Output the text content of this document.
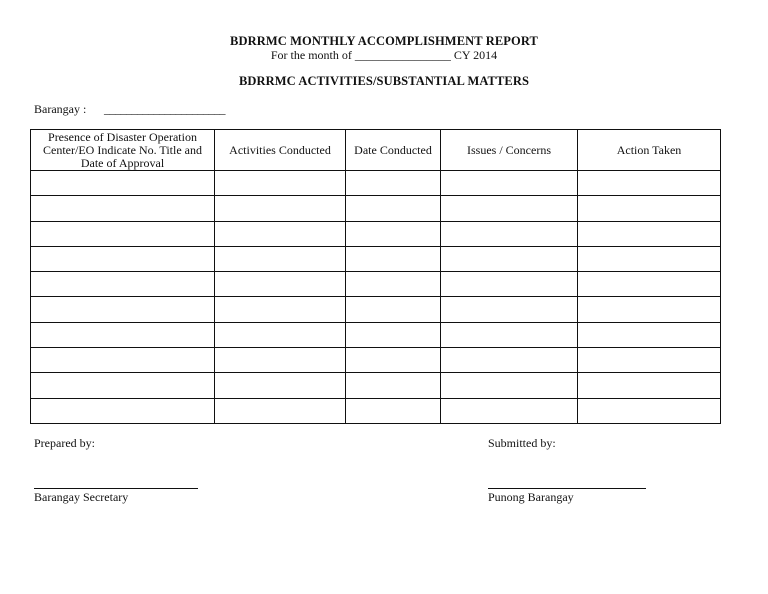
BDRRMC MONTHLY ACCOMPLISHMENT REPORT
For the month of ________________ CY 2014
BDRRMC ACTIVITIES/SUBSTANTIAL MATTERS
Barangay : ______________________
Presence of Disaster Operation Center/EO Indicate No. Title and Date of Approval	Activities Conducted	Date Conducted	Issues / Concerns	Action Taken

Prepared by:
Barangay Secretary
Submitted by:
Punong Barangay
